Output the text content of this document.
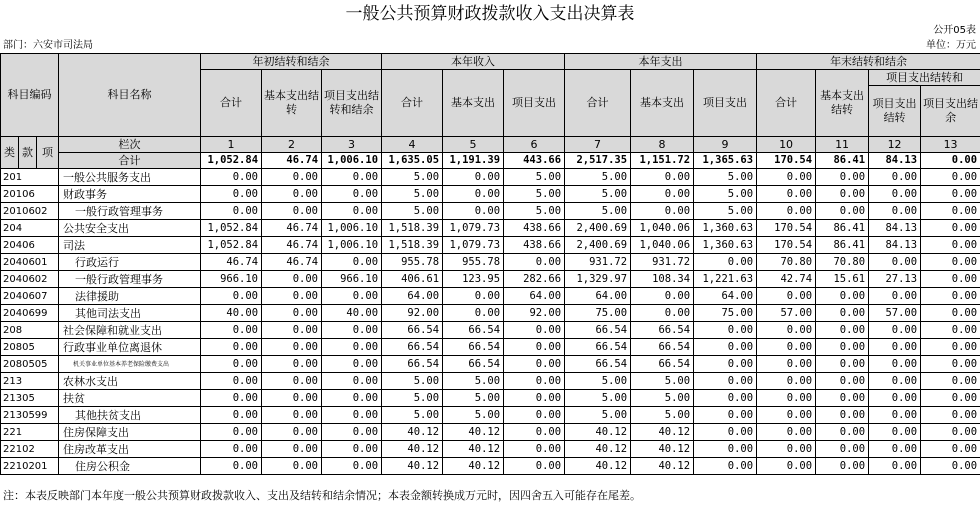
一般公共预算财政拨款收入支出决算表
公开05表
部门：六安市司法局	单位：万元
科目编码			科目名称	年初结转和结余			本年收入			本年支出			年末结转和结余			
				合计	基本支出结转	项目支出结转和结余	合计	基本支出	项目支出	合计	基本支出	项目支出	合计	基本支出结转	项目支出结转和	
															项目支出结转	项目支出结余
类	款	项	栏次	1	2	3	4	5	6	7	8	9	10	11	12	13
			合计	1,052.84	46.74	1,006.10	1,635.05	1,191.39	443.66	2,517.35	1,151.72	1,365.63	170.54	86.41	84.13	0.00
201			一般公共服务支出	0.00	0.00	0.00	5.00	0.00	5.00	5.00	0.00	5.00	0.00	0.00	0.00	0.00
20106			财政事务	0.00	0.00	0.00	5.00	0.00	5.00	5.00	0.00	5.00	0.00	0.00	0.00	0.00
2010602			一般行政管理事务	0.00	0.00	0.00	5.00	0.00	5.00	5.00	0.00	5.00	0.00	0.00	0.00	0.00
204			公共安全支出	1,052.84	46.74	1,006.10	1,518.39	1,079.73	438.66	2,400.69	1,040.06	1,360.63	170.54	86.41	84.13	0.00
20406			司法	1,052.84	46.74	1,006.10	1,518.39	1,079.73	438.66	2,400.69	1,040.06	1,360.63	170.54	86.41	84.13	0.00
2040601			行政运行	46.74	46.74	0.00	955.78	955.78	0.00	931.72	931.72	0.00	70.80	70.80	0.00	0.00
2040602			一般行政管理事务	966.10	0.00	966.10	406.61	123.95	282.66	1,329.97	108.34	1,221.63	42.74	15.61	27.13	0.00
2040607			法律援助	0.00	0.00	0.00	64.00	0.00	64.00	64.00	0.00	64.00	0.00	0.00	0.00	0.00
2040699			其他司法支出	40.00	0.00	40.00	92.00	0.00	92.00	75.00	0.00	75.00	57.00	0.00	57.00	0.00
208			社会保障和就业支出	0.00	0.00	0.00	66.54	66.54	0.00	66.54	66.54	0.00	0.00	0.00	0.00	0.00
20805			行政事业单位离退休	0.00	0.00	0.00	66.54	66.54	0.00	66.54	66.54	0.00	0.00	0.00	0.00	0.00
2080505			机关事业单位基本养老保险缴费支出	0.00	0.00	0.00	66.54	66.54	0.00	66.54	66.54	0.00	0.00	0.00	0.00	0.00
213			农林水支出	0.00	0.00	0.00	5.00	5.00	0.00	5.00	5.00	0.00	0.00	0.00	0.00	0.00
21305			扶贫	0.00	0.00	0.00	5.00	5.00	0.00	5.00	5.00	0.00	0.00	0.00	0.00	0.00
2130599			其他扶贫支出	0.00	0.00	0.00	5.00	5.00	0.00	5.00	5.00	0.00	0.00	0.00	0.00	0.00
221			住房保障支出	0.00	0.00	0.00	40.12	40.12	0.00	40.12	40.12	0.00	0.00	0.00	0.00	0.00
22102			住房改革支出	0.00	0.00	0.00	40.12	40.12	0.00	40.12	40.12	0.00	0.00	0.00	0.00	0.00
2210201			住房公积金	0.00	0.00	0.00	40.12	40.12	0.00	40.12	40.12	0.00	0.00	0.00	0.00	0.00
注：本表反映部门本年度一般公共预算财政拨款收入、支出及结转和结余情况；本表金额转换成万元时，因四舍五入可能存在尾差。
